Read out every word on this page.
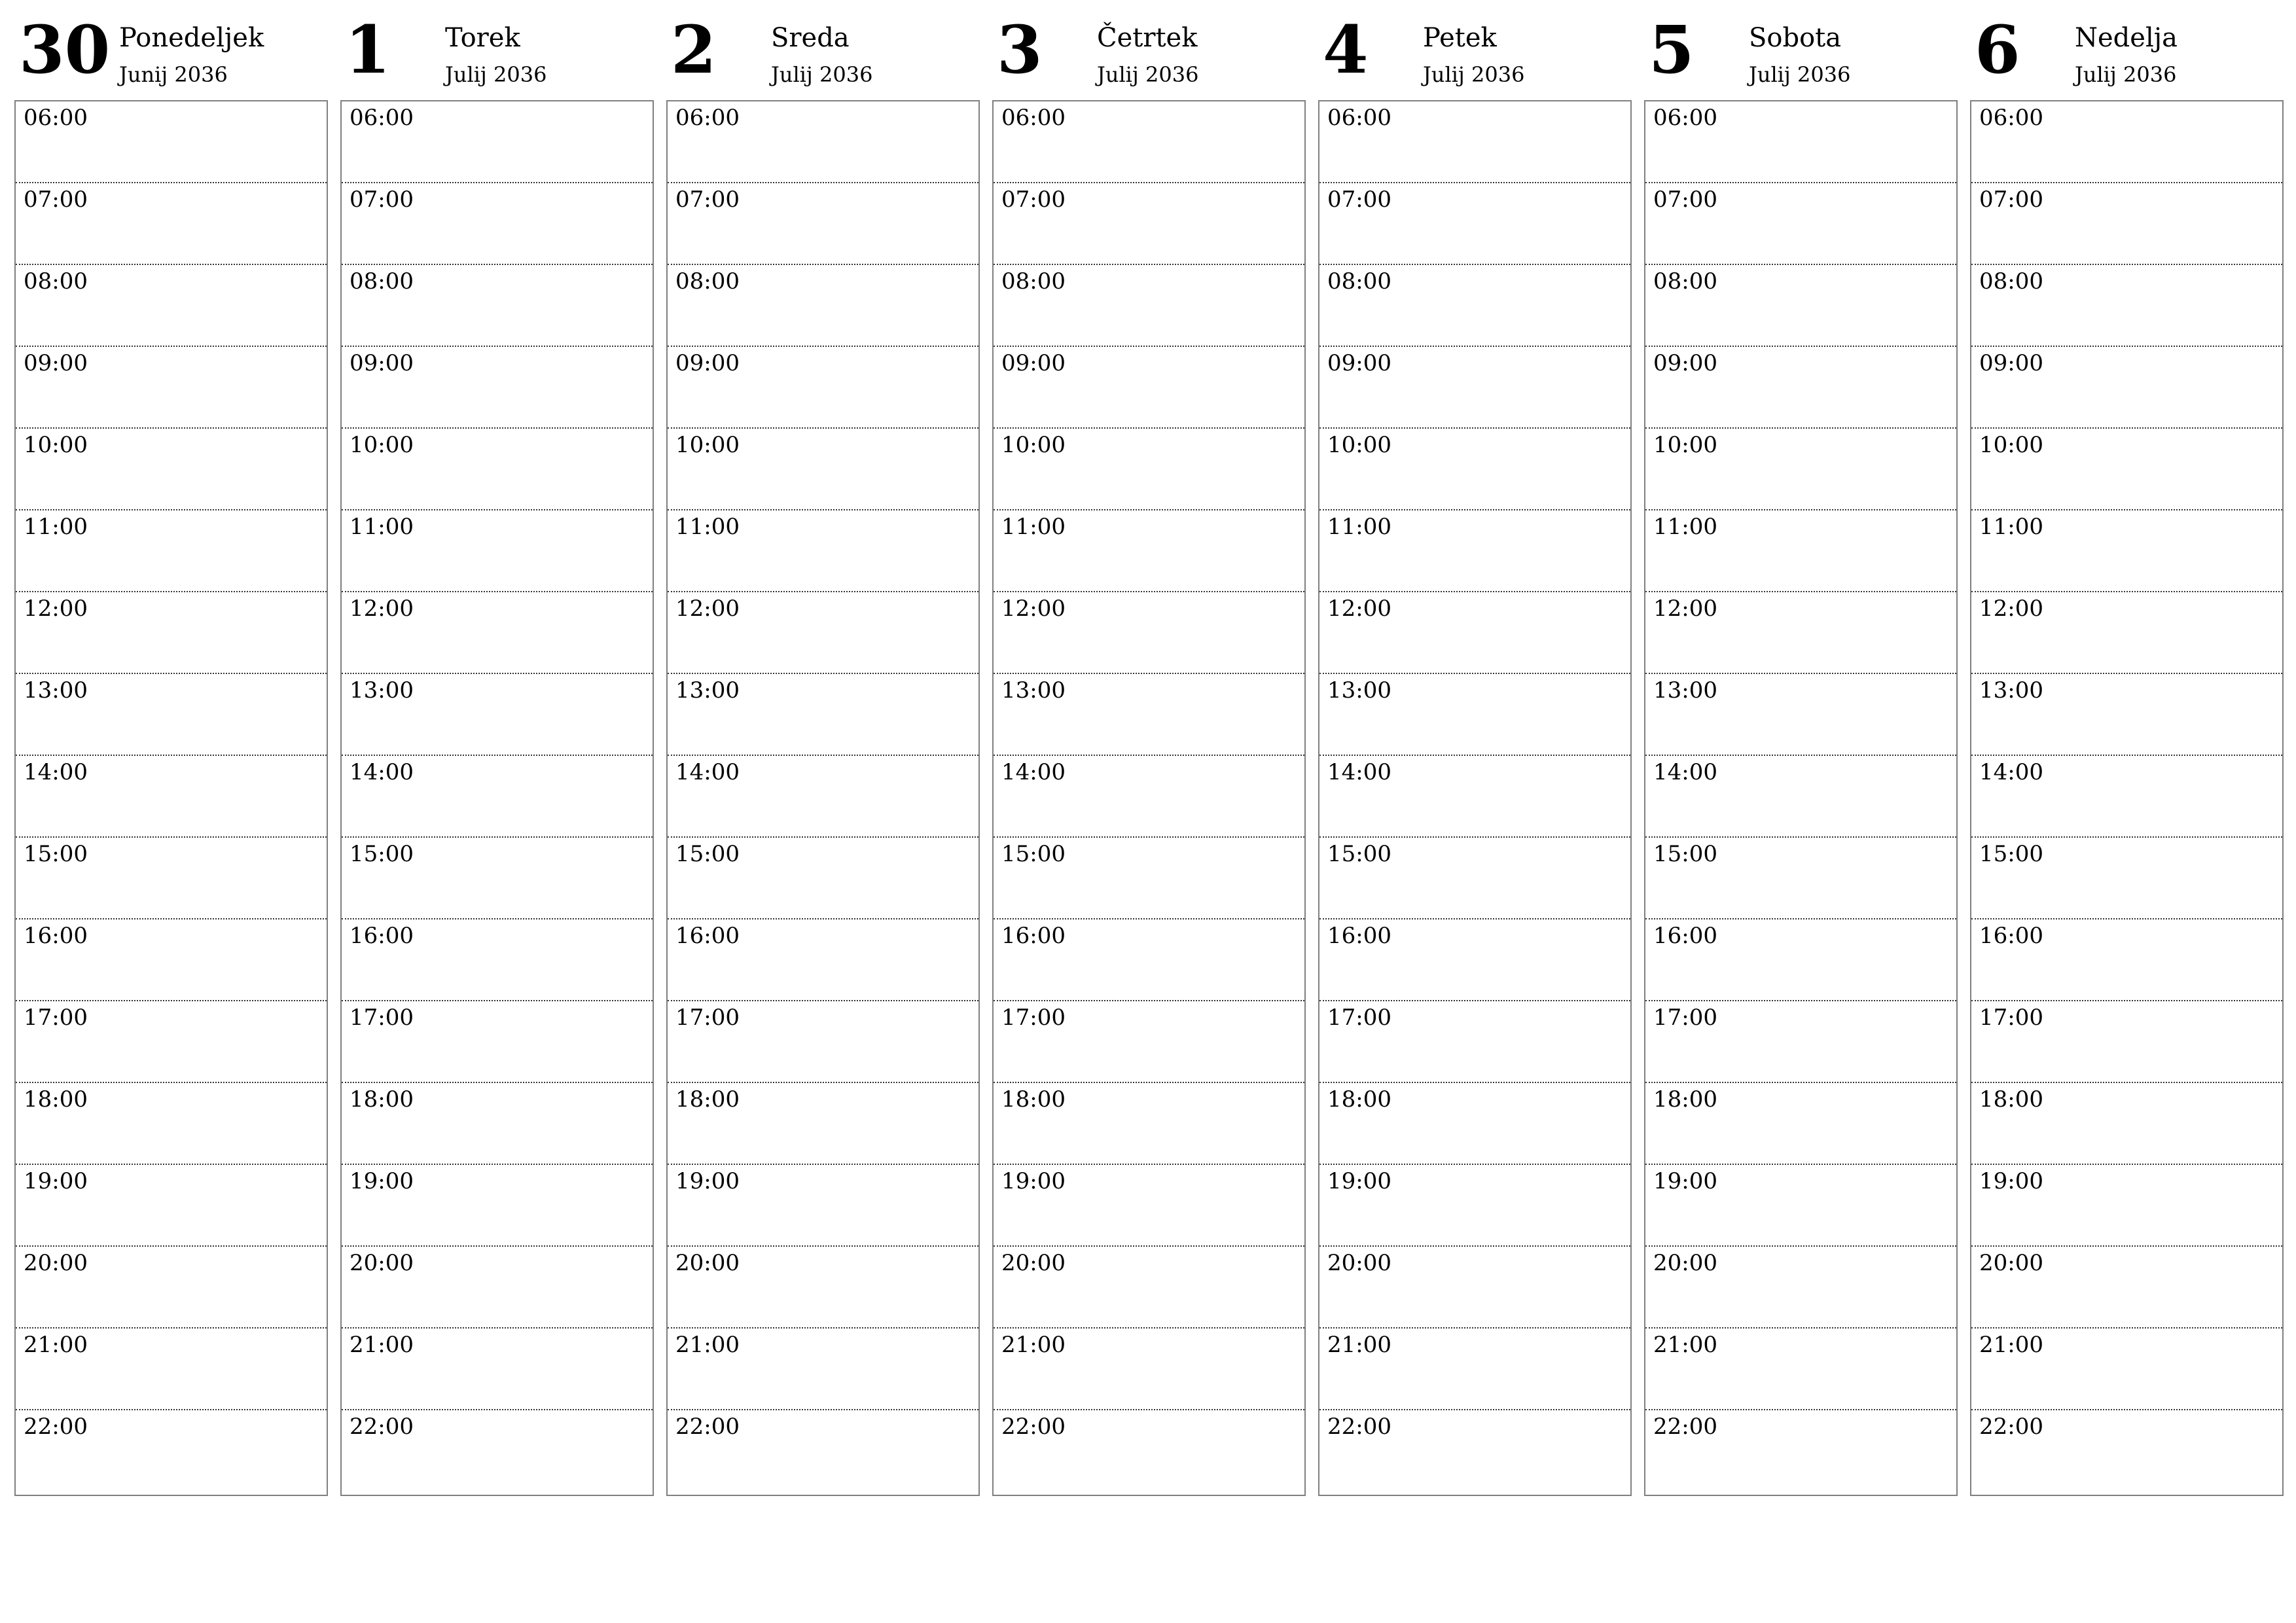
30 Ponedeljek
Junij 2036
06:00
07:00
08:00
09:00
10:00
11:00
12:00
13:00
14:00
15:00
16:00
17:00
18:00
19:00
20:00
21:00
22:00
1 Torek
Julij 2036
06:00
07:00
08:00
09:00
10:00
11:00
12:00
13:00
14:00
15:00
16:00
17:00
18:00
19:00
20:00
21:00
22:00
2 Sreda
Julij 2036
06:00
07:00
08:00
09:00
10:00
11:00
12:00
13:00
14:00
15:00
16:00
17:00
18:00
19:00
20:00
21:00
22:00
3 Četrtek
Julij 2036
06:00
07:00
08:00
09:00
10:00
11:00
12:00
13:00
14:00
15:00
16:00
17:00
18:00
19:00
20:00
21:00
22:00
4 Petek
Julij 2036
06:00
07:00
08:00
09:00
10:00
11:00
12:00
13:00
14:00
15:00
16:00
17:00
18:00
19:00
20:00
21:00
22:00
5 Sobota
Julij 2036
06:00
07:00
08:00
09:00
10:00
11:00
12:00
13:00
14:00
15:00
16:00
17:00
18:00
19:00
20:00
21:00
22:00
6 Nedelja
Julij 2036
06:00
07:00
08:00
09:00
10:00
11:00
12:00
13:00
14:00
15:00
16:00
17:00
18:00
19:00
20:00
21:00
22:00
